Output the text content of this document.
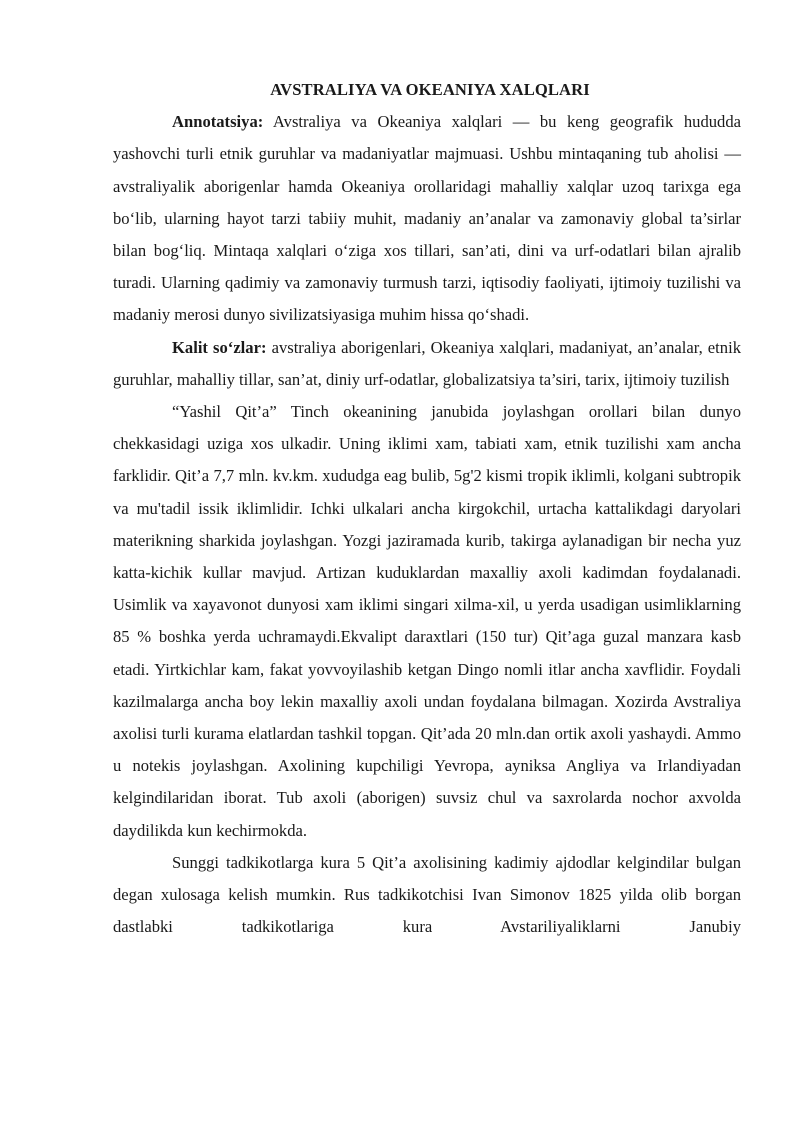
AVSTRALIYA VA OKEANIYA XALQLARI

Annotatsiya: Avstraliya va Okeaniya xalqlari — bu keng geografik hududda yashovchi turli etnik guruhlar va madaniyatlar majmuasi. Ushbu mintaqaning tub aholisi — avstraliyalik aborigenlar hamda Okeaniya orollaridagi mahalliy xalqlar uzoq tarixga ega bo‘lib, ularning hayot tarzi tabiiy muhit, madaniy an’analar va zamonaviy global ta’sirlar bilan bog‘liq. Mintaqa xalqlari o‘ziga xos tillari, san’ati, dini va urf-odatlari bilan ajralib turadi. Ularning qadimiy va zamonaviy turmush tarzi, iqtisodiy faoliyati, ijtimoiy tuzilishi va madaniy merosi dunyo sivilizatsiyasiga muhim hissa qo‘shadi.

Kalit so‘zlar: avstraliya aborigenlari, Okeaniya xalqlari, madaniyat, an’analar, etnik guruhlar, mahalliy tillar, san’at, diniy urf-odatlar, globalizatsiya ta’siri, tarix, ijtimoiy tuzilish

“Yashil Qit’a” Tinch okeanining janubida joylashgan orollari bilan dunyo chekkasidagi uziga xos ulkadir. Uning iklimi xam, tabiati xam, etnik tuzilishi xam ancha farklidir. Qit’a 7,7 mln. kv.km. xududga eag bulib, 5g'2 kismi tropik iklimli, kolgani subtropik va mu'tadil issik iklimlidir. Ichki ulkalari ancha kirgokchil, urtacha kattalikdagi daryolari materikning sharkida joylashgan. Yozgi jaziramada kurib, takirga aylanadigan bir necha yuz katta-kichik kullar mavjud. Artizan kuduklardan maxalliy axoli kadimdan foydalanadi. Usimlik va xayavonot dunyosi xam iklimi singari xilma-xil, u yerda usadigan usimliklarning 85 % boshka yerda uchramaydi.Ekvalipt daraxtlari (150 tur) Qit’aga guzal manzara kasb etadi. Yirtkichlar kam, fakat yovvoyilashib ketgan Dingo nomli itlar ancha xavflidir. Foydali kazilmalarga ancha boy lekin maxalliy axoli undan foydalana bilmagan. Xozirda Avstraliya axolisi turli kurama elatlardan tashkil topgan. Qit’ada 20 mln.dan ortik axoli yashaydi. Ammo u notekis joylashgan. Axolining kupchiligi Yevropa, ayniksa Angliya va Irlandiyadan kelgindilaridan iborat. Tub axoli (aborigen) suvsiz chul va saxrolarda nochor axvolda daydilikda kun kechirmokda.

Sunggi tadkikotlarga kura 5 Qit’a axolisining kadimiy ajdodlar kelgindilar bulgan degan xulosaga kelish mumkin. Rus tadkikotchisi Ivan Simonov 1825 yilda olib borgan dastlabki tadkikotlariga kura Avstariliyaliklarni Janubiy
